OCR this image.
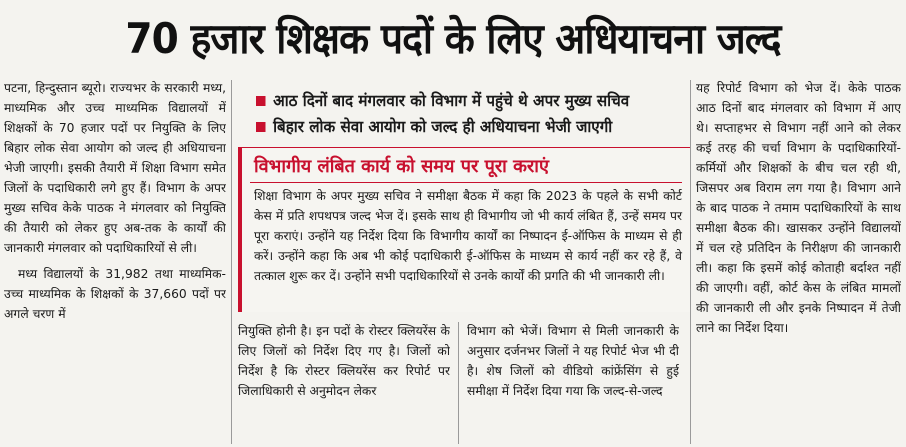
70 हजार शिक्षक पदों के लिए अधियाचना जल्द

पटना, हिन्दुस्तान ब्यूरो। राज्यभर के सरकारी मध्य, माध्यमिक और उच्च माध्यमिक विद्यालयों में शिक्षकों के 70 हजार पदों पर नियुक्ति के लिए बिहार लोक सेवा आयोग को जल्द ही अधियाचना भेजी जाएगी। इसकी तैयारी में शिक्षा विभाग समेत जिलों के पदाधिकारी लगे हुए हैं। विभाग के अपर मुख्य सचिव केके पाठक ने मंगलवार को नियुक्ति की तैयारी को लेकर हुए अब-तक के कार्यों की जानकारी मंगलवार को पदाधिकारियों से ली।

मध्य विद्यालयों के 31,982 तथा माध्यमिक-उच्च माध्यमिक के शिक्षकों के 37,660 पदों पर अगले चरण में

आठ दिनों बाद मंगलवार को विभाग में पहुंचे थे अपर मुख्य सचिव
बिहार लोक सेवा आयोग को जल्द ही अधियाचना भेजी जाएगी
विभागीय लंबित कार्य को समय पर पूरा कराएं
शिक्षा विभाग के अपर मुख्य सचिव ने समीक्षा बैठक में कहा कि 2023 के पहले के सभी कोर्ट केस में प्रति शपथपत्र जल्द भेज दें। इसके साथ ही विभागीय जो भी कार्य लंबित हैं, उन्हें समय पर पूरा कराएं। उन्होंने यह निर्देश दिया कि विभागीय कार्यों का निष्पादन ई-ऑफिस के माध्यम से ही करें। उन्होंने कहा कि अब भी कोई पदाधिकारी ई-ऑफिस के माध्यम से कार्य नहीं कर रहे हैं, वे तत्काल शुरू कर दें। उन्होंने सभी पदाधिकारियों से उनके कार्यों की प्रगति की भी जानकारी ली।
नियुक्ति होनी है। इन पदों के रोस्टर क्लियरेंस के लिए जिलों को निर्देश दिए गए है। जिलों को निर्देश है कि रोस्टर क्लियरेंस कर रिपोर्ट पर जिलाधिकारी से अनुमोदन लेकर
विभाग को भेजें। विभाग से मिली जानकारी के अनुसार दर्जनभर जिलों ने यह रिपोर्ट भेज भी दी है। शेष जिलों को वीडियो कांफ्रेंसिंग से हुई समीक्षा में निर्देश दिया गया कि जल्द-से-जल्द
यह रिपोर्ट विभाग को भेज दें। केके पाठक आठ दिनों बाद मंगलवार को विभाग में आए थे। सप्ताहभर से विभाग नहीं आने को लेकर कई तरह की चर्चा विभाग के पदाधिकारियों-कर्मियों और शिक्षकों के बीच चल रही थी, जिसपर अब विराम लग गया है। विभाग आने के बाद पाठक ने तमाम पदाधिकारियों के साथ समीक्षा बैठक की। खासकर उन्होंने विद्यालयों में चल रहे प्रतिदिन के निरीक्षण की जानकारी ली। कहा कि इसमें कोई कोताही बर्दाश्त नहीं की जाएगी। वहीं, कोर्ट केस के लंबित मामलों की जानकारी ली और इनके निष्पादन में तेजी लाने का निर्देश दिया।
